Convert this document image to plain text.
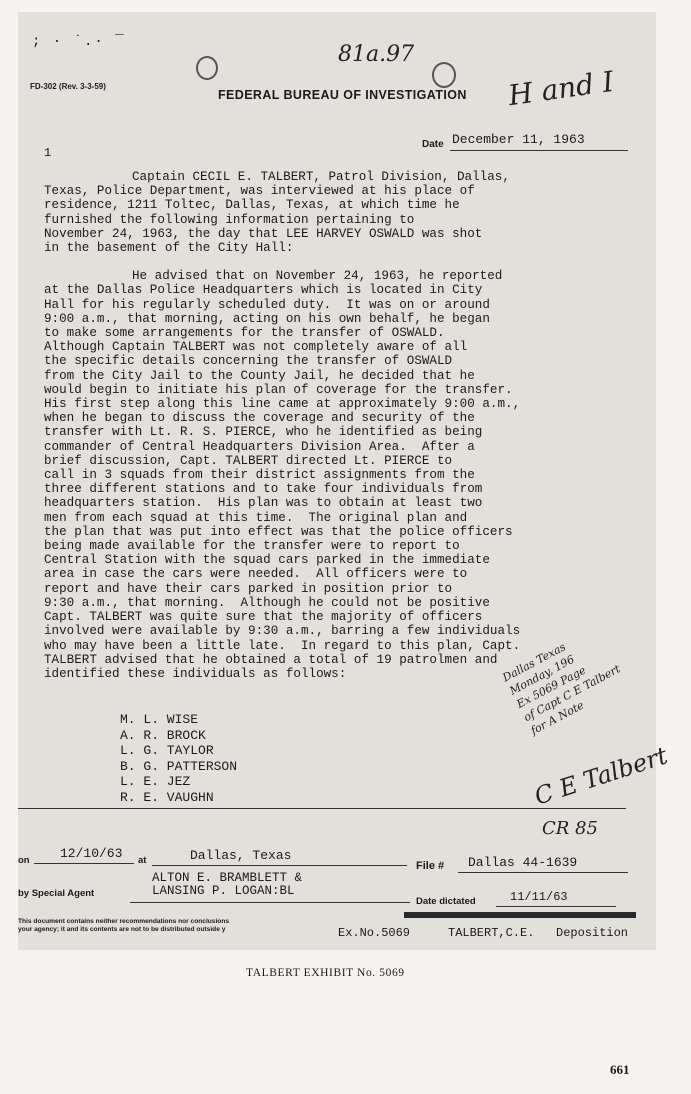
; · ˙.· ¯
FD-302 (Rev. 3-3-59)
81a.97
H and I
FEDERAL BUREAU OF INVESTIGATION
1
Date December 11, 1963

Captain CECIL E. TALBERT, Patrol Division, Dallas,
Texas, Police Department, was interviewed at his place of
residence, 1211 Toltec, Dallas, Texas, at which time he
furnished the following information pertaining to
November 24, 1963, the day that LEE HARVEY OSWALD was shot
in the basement of the City Hall:

He advised that on November 24, 1963, he reported
at the Dallas Police Headquarters which is located in City
Hall for his regularly scheduled duty.  It was on or around
9:00 a.m., that morning, acting on his own behalf, he began
to make some arrangements for the transfer of OSWALD.
Although Captain TALBERT was not completely aware of all
the specific details concerning the transfer of OSWALD
from the City Jail to the County Jail, he decided that he
would begin to initiate his plan of coverage for the transfer.
His first step along this line came at approximately 9:00 a.m.,
when he began to discuss the coverage and security of the
transfer with Lt. R. S. PIERCE, who he identified as being
commander of Central Headquarters Division Area.  After a
brief discussion, Capt. TALBERT directed Lt. PIERCE to
call in 3 squads from their district assignments from the
three different stations and to take four individuals from
headquarters station.  His plan was to obtain at least two
men from each squad at this time.  The original plan and
the plan that was put into effect was that the police officers
being made available for the transfer were to report to
Central Station with the squad cars parked in the immediate
area in case the cars were needed.  All officers were to
report and have their cars parked in position prior to
9:30 a.m., that morning.  Although he could not be positive
Capt. TALBERT was quite sure that the majority of officers
involved were available by 9:30 a.m., barring a few individuals
who may have been a little late.  In regard to this plan, Capt.
TALBERT advised that he obtained a total of 19 patrolmen and
identified these individuals as follows:

M. L. WISE
A. R. BROCK
L. G. TAYLOR
B. G. PATTERSON
L. E. JEZ
R. E. VAUGHN
Dallas Texas
Monday, 196
Ex 5069 Page
of Capt C E Talbert
for A Note
C E Talbert
CR 85
on 12/10/63 at	Dallas, Texas
File # Dallas 44-1639
by Special Agent
ALTON E. BRAMBLETT &
LANSING P. LOGAN:BL
Date dictated	11/11/63
This document contains neither recommendations nor conclusions
your agency; it and its contents are not to be distributed outside y	Ex.No.5069	TALBERT,C.E. Deposition
TALBERT EXHIBIT No. 5069
661
